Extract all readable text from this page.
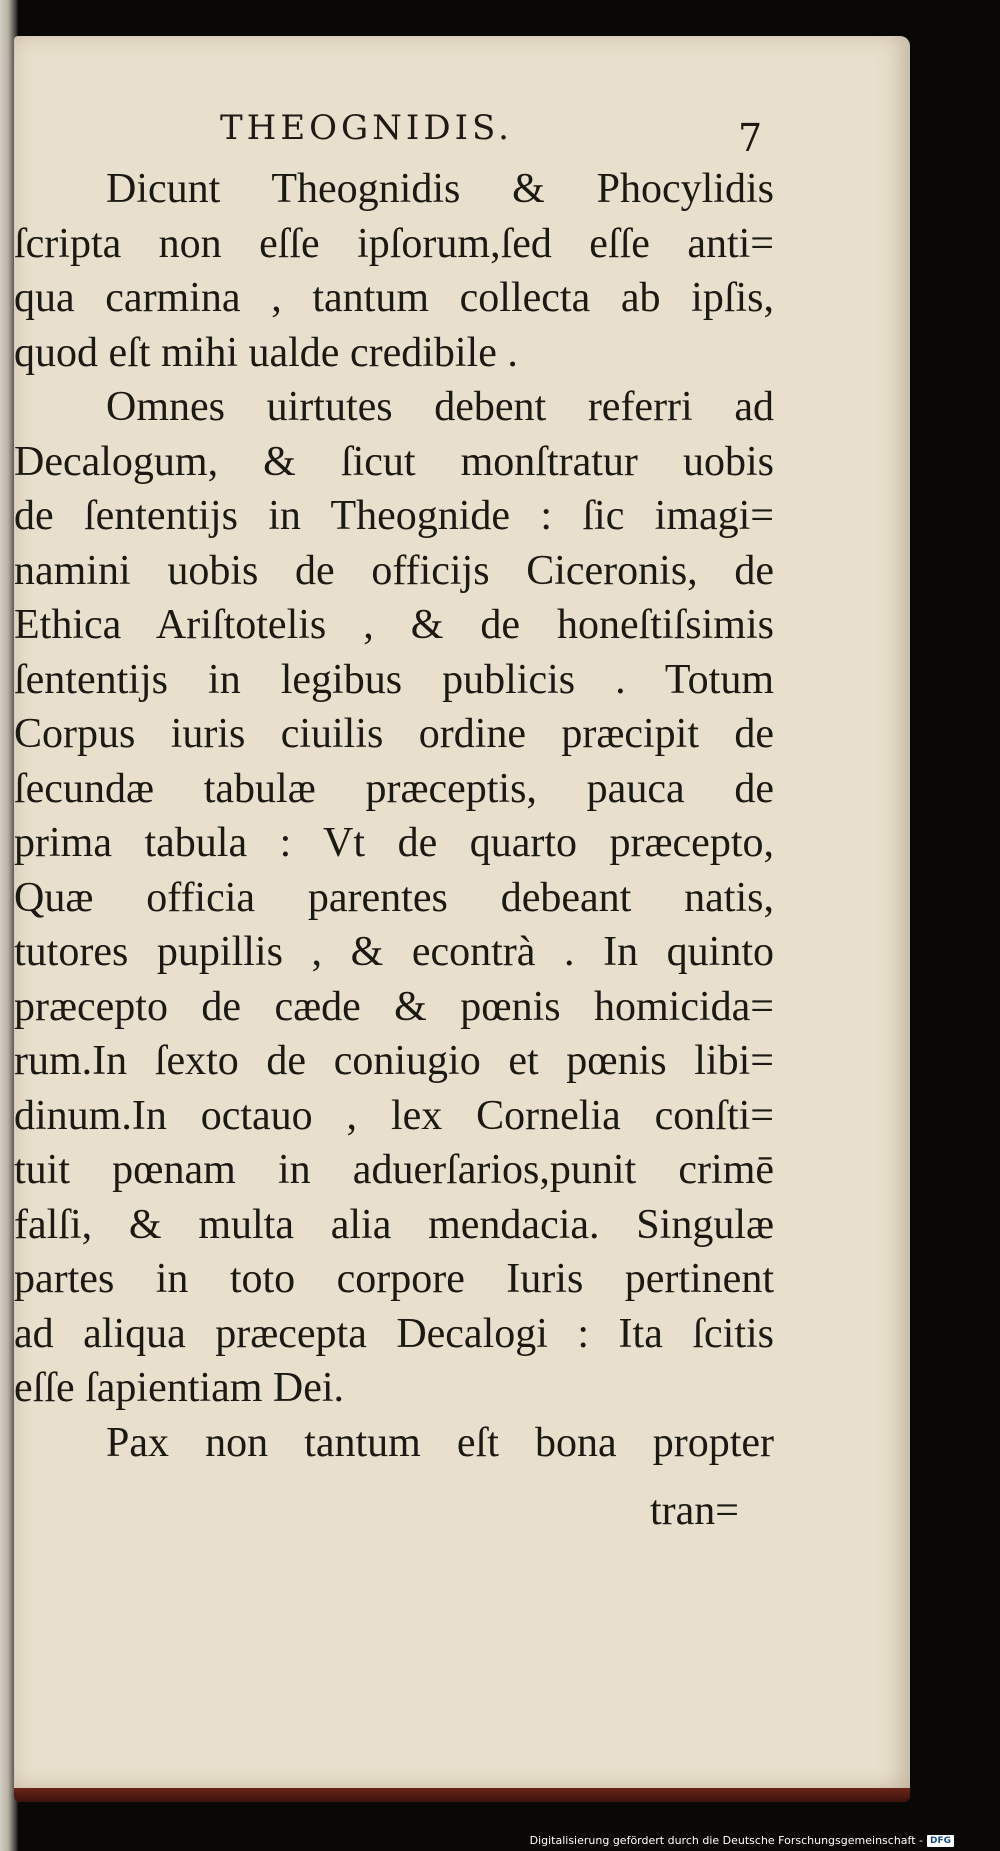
THEOGNIDIS.	7

Dicunt Theognidis & Phocylidis
ſcripta non eſſe ipſorum,ſed eſſe anti=
qua carmina , tantum collecta ab ipſis,
quod eſt mihi ualde credibile .
Omnes uirtutes debent referri ad
Decalogum, & ſicut monſtratur uobis
de ſententijs in Theognide : ſic imagi=
namini uobis de officijs Ciceronis, de
Ethica Ariſtotelis , & de honeſtiſsimis
ſententijs in legibus publicis . Totum
Corpus iuris ciuilis ordine præcipit de
ſecundæ tabulæ præceptis, pauca de
prima tabula : Vt de quarto præcepto,
Quæ officia parentes debeant natis,
tutores pupillis , & econtrà . In quinto
præcepto de cæde & pœnis homicida=
rum.In ſexto de coniugio et pœnis libi=
dinum.In octauo , lex Cornelia conſti=
tuit pœnam in aduerſarios,punit crimē
falſi, & multa alia mendacia. Singulæ
partes in toto corpore Iuris pertinent
ad aliqua præcepta Decalogi : Ita ſcitis
eſſe ſapientiam Dei.
Pax non tantum eſt bona propter

tran=

Digitalisierung gefördert durch die Deutsche Forschungsgemeinschaft - DFG
